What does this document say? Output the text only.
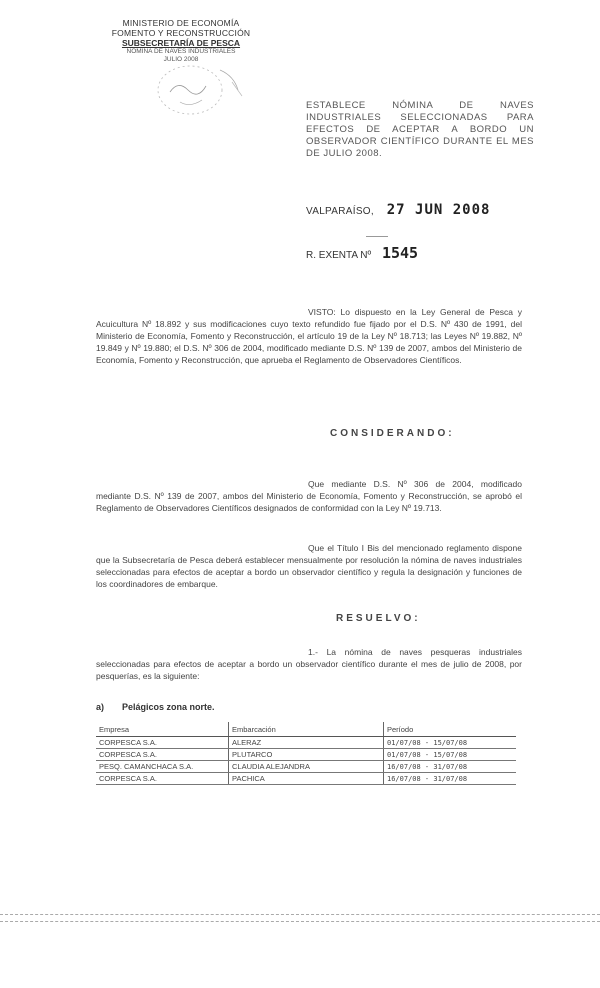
MINISTERIO DE ECONOMÍA
FOMENTO Y RECONSTRUCCIÓN
SUBSECRETARÍA DE PESCA
NÓMINA DE NAVES INDUSTRIALES
JULIO 2008
ESTABLECE NÓMINA DE NAVES INDUSTRIALES SELECCIONADAS PARA EFECTOS DE ACEPTAR A BORDO UN OBSERVADOR CIENTÍFICO DURANTE EL MES DE JULIO 2008.
VALPARAÍSO, 27 JUN 2008
R. EXENTA Nº 1545
VISTO: Lo dispuesto en la Ley General de Pesca y Acuicultura Nº 18.892 y sus modificaciones cuyo texto refundido fue fijado por el D.S. Nº 430 de 1991, del Ministerio de Economía, Fomento y Reconstrucción, el artículo 19 de la Ley Nº 18.713; las Leyes Nº 19.882, Nº 19.849 y Nº 19.880; el D.S. Nº 306 de 2004, modificado mediante D.S. Nº 139 de 2007, ambos del Ministerio de Economía, Fomento y Reconstrucción, que aprueba el Reglamento de Observadores Científicos.
CONSIDERANDO:
Que mediante D.S. Nº 306 de 2004, modificado mediante D.S. Nº 139 de 2007, ambos del Ministerio de Economía, Fomento y Reconstrucción, se aprobó el Reglamento de Observadores Científicos designados de conformidad con la Ley Nº 19.713.
Que el Título I Bis del mencionado reglamento dispone que la Subsecretaría de Pesca deberá establecer mensualmente por resolución la nómina de naves industriales seleccionadas para efectos de aceptar a bordo un observador científico y regula la designación y funciones de los coordinadores de embarque.
RESUELVO:
1.- La nómina de naves pesqueras industriales seleccionadas para efectos de aceptar a bordo un observador científico durante el mes de julio de 2008, por pesquerías, es la siguiente:
a) Pelágicos zona norte.
Empresa	Embarcación	Período
CORPESCA S.A.	ALERAZ	01/07/08 - 15/07/08
CORPESCA S.A.	PLUTARCO	01/07/08 - 15/07/08
PESQ. CAMANCHACA S.A.	CLAUDIA ALEJANDRA	16/07/08 - 31/07/08
CORPESCA S.A.	PACHICA	16/07/08 - 31/07/08
